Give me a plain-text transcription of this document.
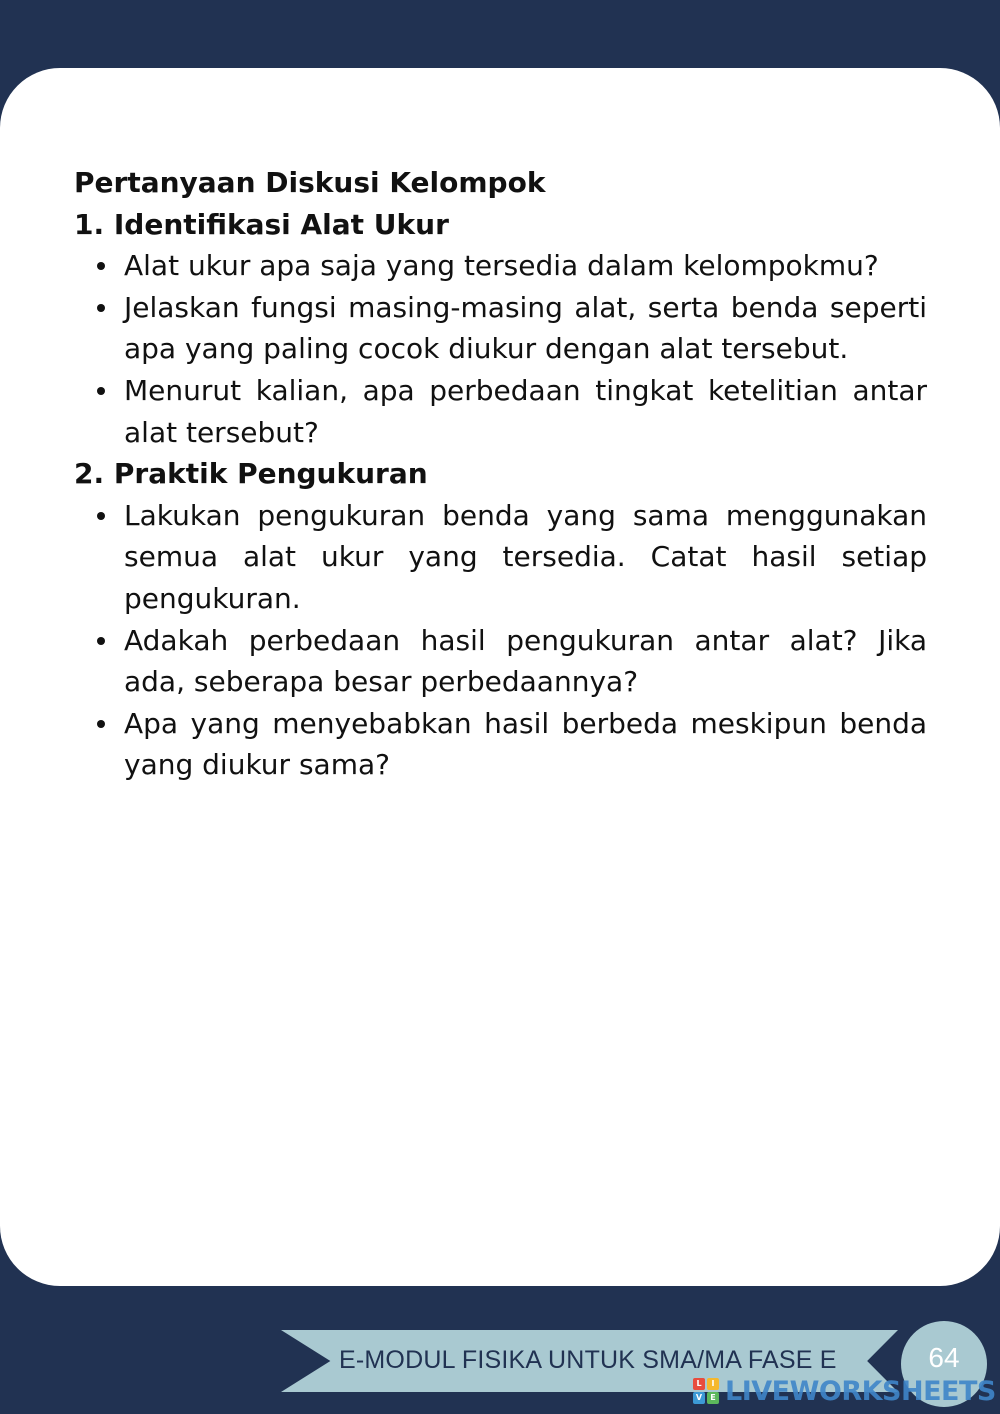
Pertanyaan Diskusi Kelompok

1. Identifikasi Alat Ukur

Alat ukur apa saja yang tersedia dalam kelompokmu?
Jelaskan fungsi masing-masing alat, serta benda seperti apa yang paling cocok diukur dengan alat tersebut.
Menurut kalian, apa perbedaan tingkat ketelitian antar alat tersebut?

2. Praktik Pengukuran

Lakukan pengukuran benda yang sama menggunakan semua alat ukur yang tersedia. Catat hasil setiap pengukuran.
Adakah perbedaan hasil pengukuran antar alat? Jika ada, seberapa besar perbedaannya?
Apa yang menyebabkan hasil berbeda meskipun benda yang diukur sama?
E-MODUL FISIKA UNTUK SMA/MA FASE E	64
L	I
V	E LIVEWORKSHEETS
